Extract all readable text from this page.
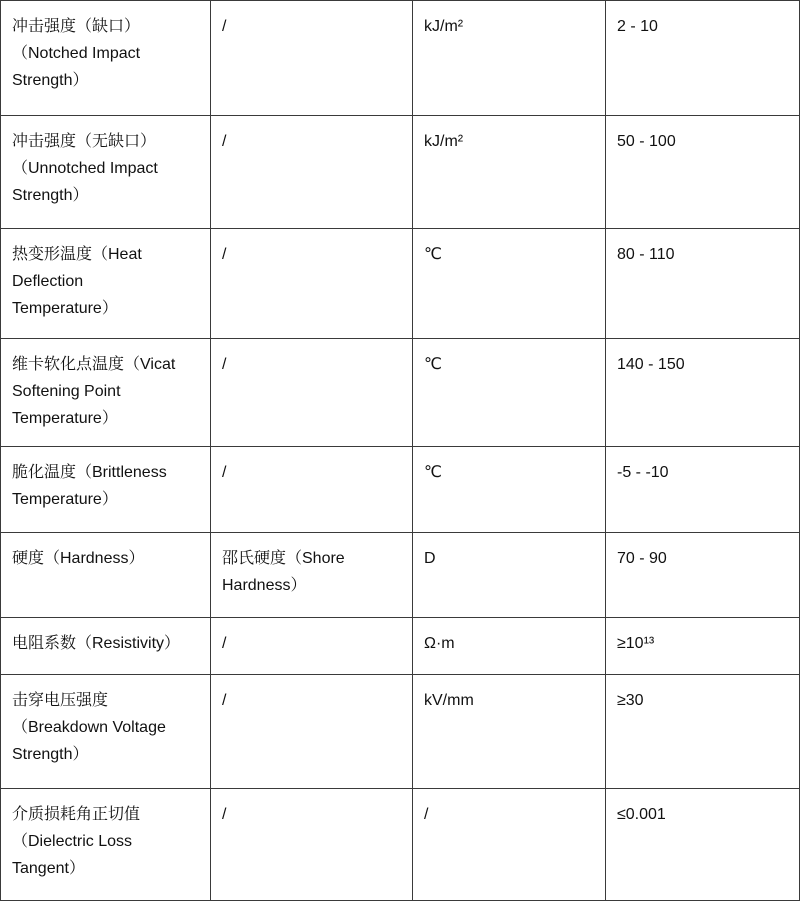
冲击强度（缺口）
（Notched Impact
Strength）	/	kJ/m²	2 - 10

冲击强度（无缺口）
（Unnotched Impact
Strength）	/	kJ/m²	50 - 100

热变形温度（Heat
Deflection
Temperature）	/	℃	80 - 110

维卡软化点温度（Vicat
Softening Point
Temperature）	/	℃	140 - 150

脆化温度（Brittleness
Temperature）	/	℃	-5 - -10

硬度（Hardness）	邵氏硬度（Shore
Hardness）	D	70 - 90

电阻系数（Resistivity）	/	Ω·m	≥10¹³

击穿电压强度
（Breakdown Voltage
Strength）	/	kV/mm	≥30

介质损耗角正切值
（Dielectric Loss
Tangent）	/	/	≤0.001
